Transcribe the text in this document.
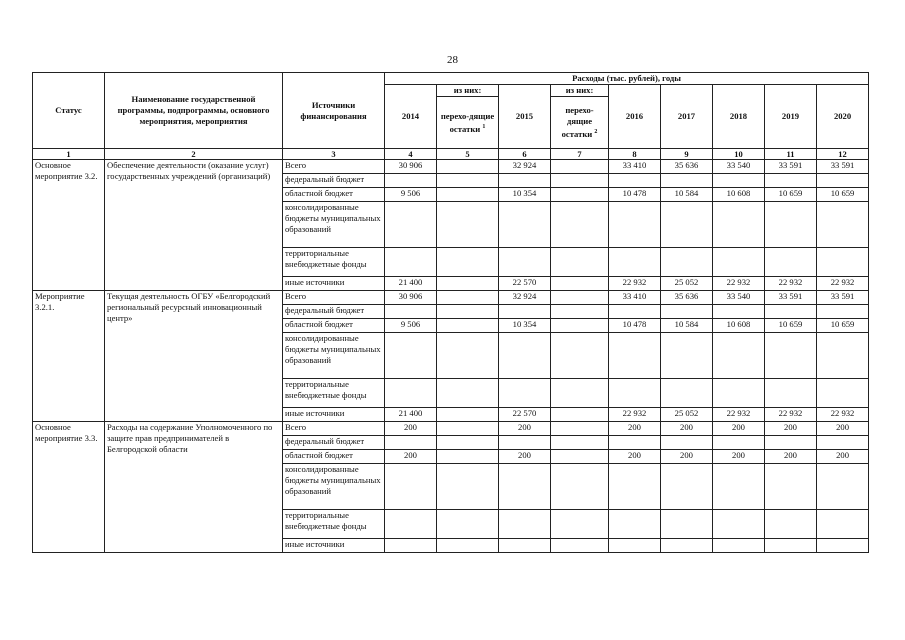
28
Статус	Наименование государственной программы, подпрограммы, основного мероприятия, мероприятия	Источники финансирования	Расходы (тыс. рублей), годы								
			2014	из них:	2015	из них:	2016	2017	2018	2019	2020
				перехо-дящие остатки $^1$		перехо-дящие остатки $^2$
1	2	3	4	5	6	7	8	9	10	11	12
Основное мероприятие 3.2.	Обеспечение деятельности (оказание услуг) государственных учреждений (организаций)	Всего	30 906		32 924		33 410	35 636	33 540	33 591	33 591
		федеральный бюджет									
		областной бюджет	9 506		10 354		10 478	10 584	10 608	10 659	10 659
		консолидированные бюджеты муниципальных образований									
		территориальные внебюджетные фонды									
		иные источники	21 400		22 570		22 932	25 052	22 932	22 932	22 932
Мероприятие 3.2.1.	Текущая деятельность ОГБУ «Белгородский региональный ресурсный инновационный центр»	Всего	30 906		32 924		33 410	35 636	33 540	33 591	33 591
		федеральный бюджет									
		областной бюджет	9 506		10 354		10 478	10 584	10 608	10 659	10 659
		консолидированные бюджеты муниципальных образований									
		территориальные внебюджетные фонды									
		иные источники	21 400		22 570		22 932	25 052	22 932	22 932	22 932
Основное мероприятие 3.3.	Расходы на содержание Уполномоченного по защите прав предпринимателей в Белгородской области	Всего	200		200		200	200	200	200	200
		федеральный бюджет									
		областной бюджет	200		200		200	200	200	200	200
		консолидированные бюджеты муниципальных образований									
		территориальные внебюджетные фонды									
		иные источники									
